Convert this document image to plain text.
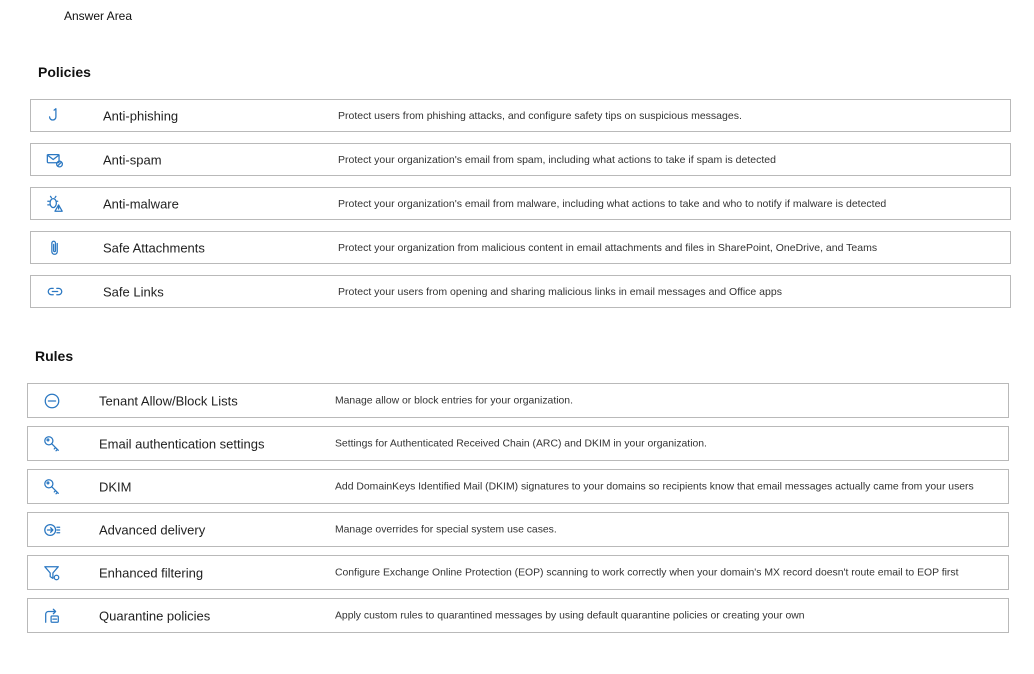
Answer Area
Policies
Anti-phishing	Protect users from phishing attacks, and configure safety tips on suspicious messages.
Anti-spam	Protect your organization's email from spam, including what actions to take if spam is detected
Anti-malware	Protect your organization's email from malware, including what actions to take and who to notify if malware is detected
Safe Attachments	Protect your organization from malicious content in email attachments and files in SharePoint, OneDrive, and Teams
Safe Links	Protect your users from opening and sharing malicious links in email messages and Office apps
Rules
Tenant Allow/Block Lists	Manage allow or block entries for your organization.
Email authentication settings	Settings for Authenticated Received Chain (ARC) and DKIM in your organization.
DKIM	Add DomainKeys Identified Mail (DKIM) signatures to your domains so recipients know that email messages actually came from your users
Advanced delivery	Manage overrides for special system use cases.
Enhanced filtering	Configure Exchange Online Protection (EOP) scanning to work correctly when your domain's MX record doesn't route email to EOP first
Quarantine policies	Apply custom rules to quarantined messages by using default quarantine policies or creating your own
